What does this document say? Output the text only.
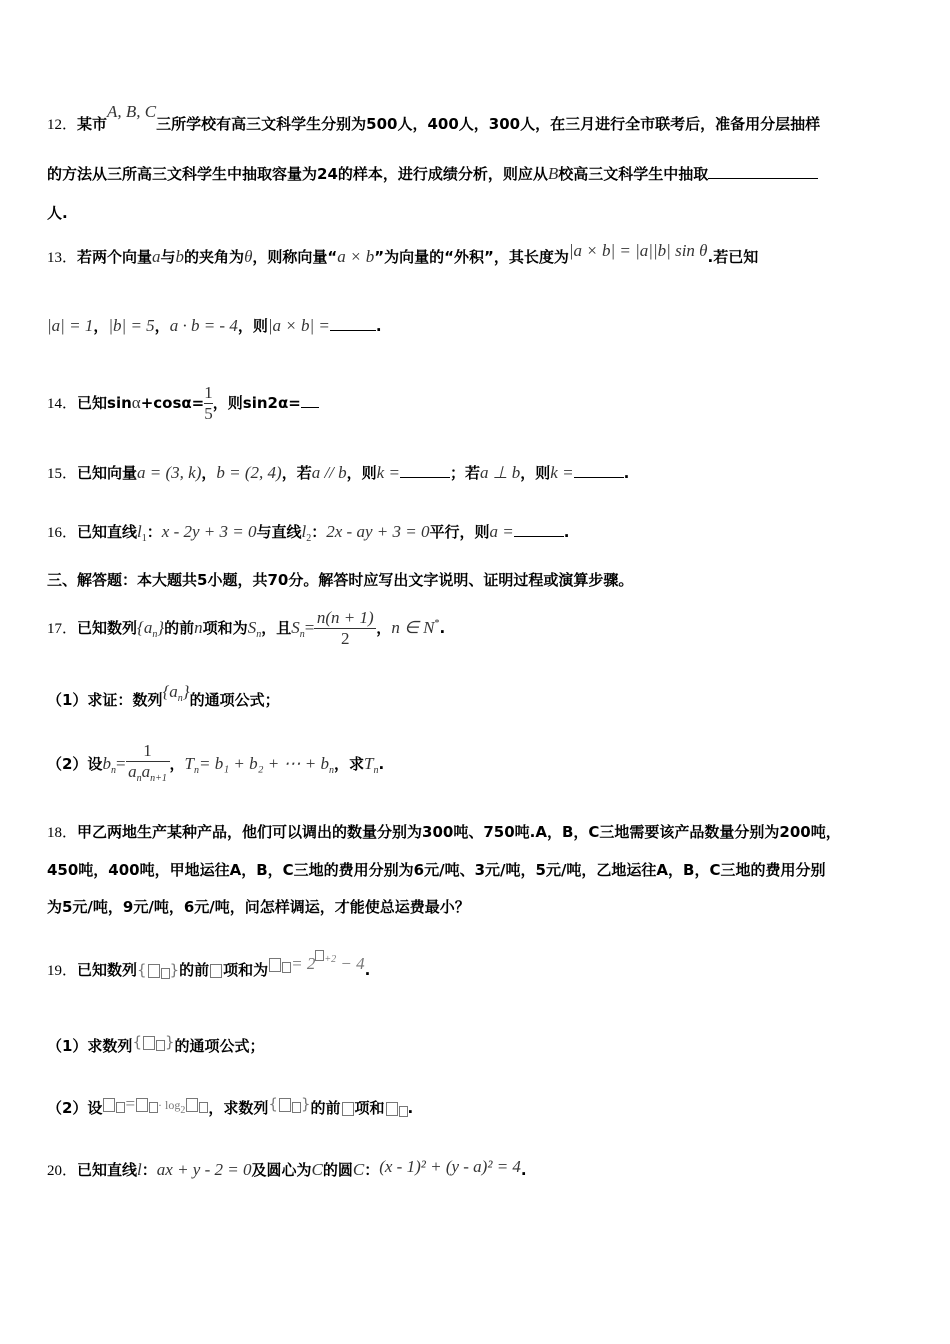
12．某市A, B, C三所学校有高三文科学生分别为500人，400人，300人，在三月进行全市联考后，准备用分层抽样
的方法从三所高三文科学生中抽取容量为24的样本，进行成绩分析，则应从B校高三文科学生中抽取
人.
13．若两个向量a与b的夹角为θ，则称向量“a × b”为向量的“外积”，其长度为|a × b| = |a||b| sin θ.若已知
|a| = 1，|b| = 5，a · b = - 4，则|a × b| =	.
14．已知$\sin\alpha+\cos\alpha= \frac{1}{5}$ ，则sin2α=
15．已知向量a = (3, k)，b = (2, 4)，若a // b，则k =	；若a ⊥ b，则k =	.
16．已知直线$l_1$：x - 2y + 3 = 0与直线$l_2$：2x - ay + 3 = 0平行，则a =	.
三、解答题：本大题共5小题，共70分。解答时应写出文字说明、证明过程或演算步骤。
17．已知数列$\{a_n\}$的前n项和为$S_n$，且$S_n= \frac{n(n + 1)}{2}$ ，n ∈ N*.
（1）求证：数列$\{a^n\}$的通项公式；
（2）设$b_n= \frac{1}{a_na_{n+1}}$ ，$T_n= b_1 + b_2$ + ⋯ + $b_n$，求$T_n$.
18．甲乙两地生产某种产品，他们可以调出的数量分别为300吨、750吨.A，B，C三地需要该产品数量分别为200吨，
450吨，400吨，甲地运往A，B，C三地的费用分别为6元/吨、3元/吨，5元/吨，乙地运往A，B，C三地的费用分别
为5元/吨，9元/吨，6元/吨，问怎样调运，才能使总运费最小？
19．已知数列{ }的前 项和为 = 2 $^{+2}$ − 4.
（1）求数列{ }的通项公式；
（2）设 = · $\log_2$ ，求数列{ }的前 项和 .
20．已知直线l：ax + y - 2 = 0及圆心为C的圆C：(x - 1)² + (y - a)² = 4.
